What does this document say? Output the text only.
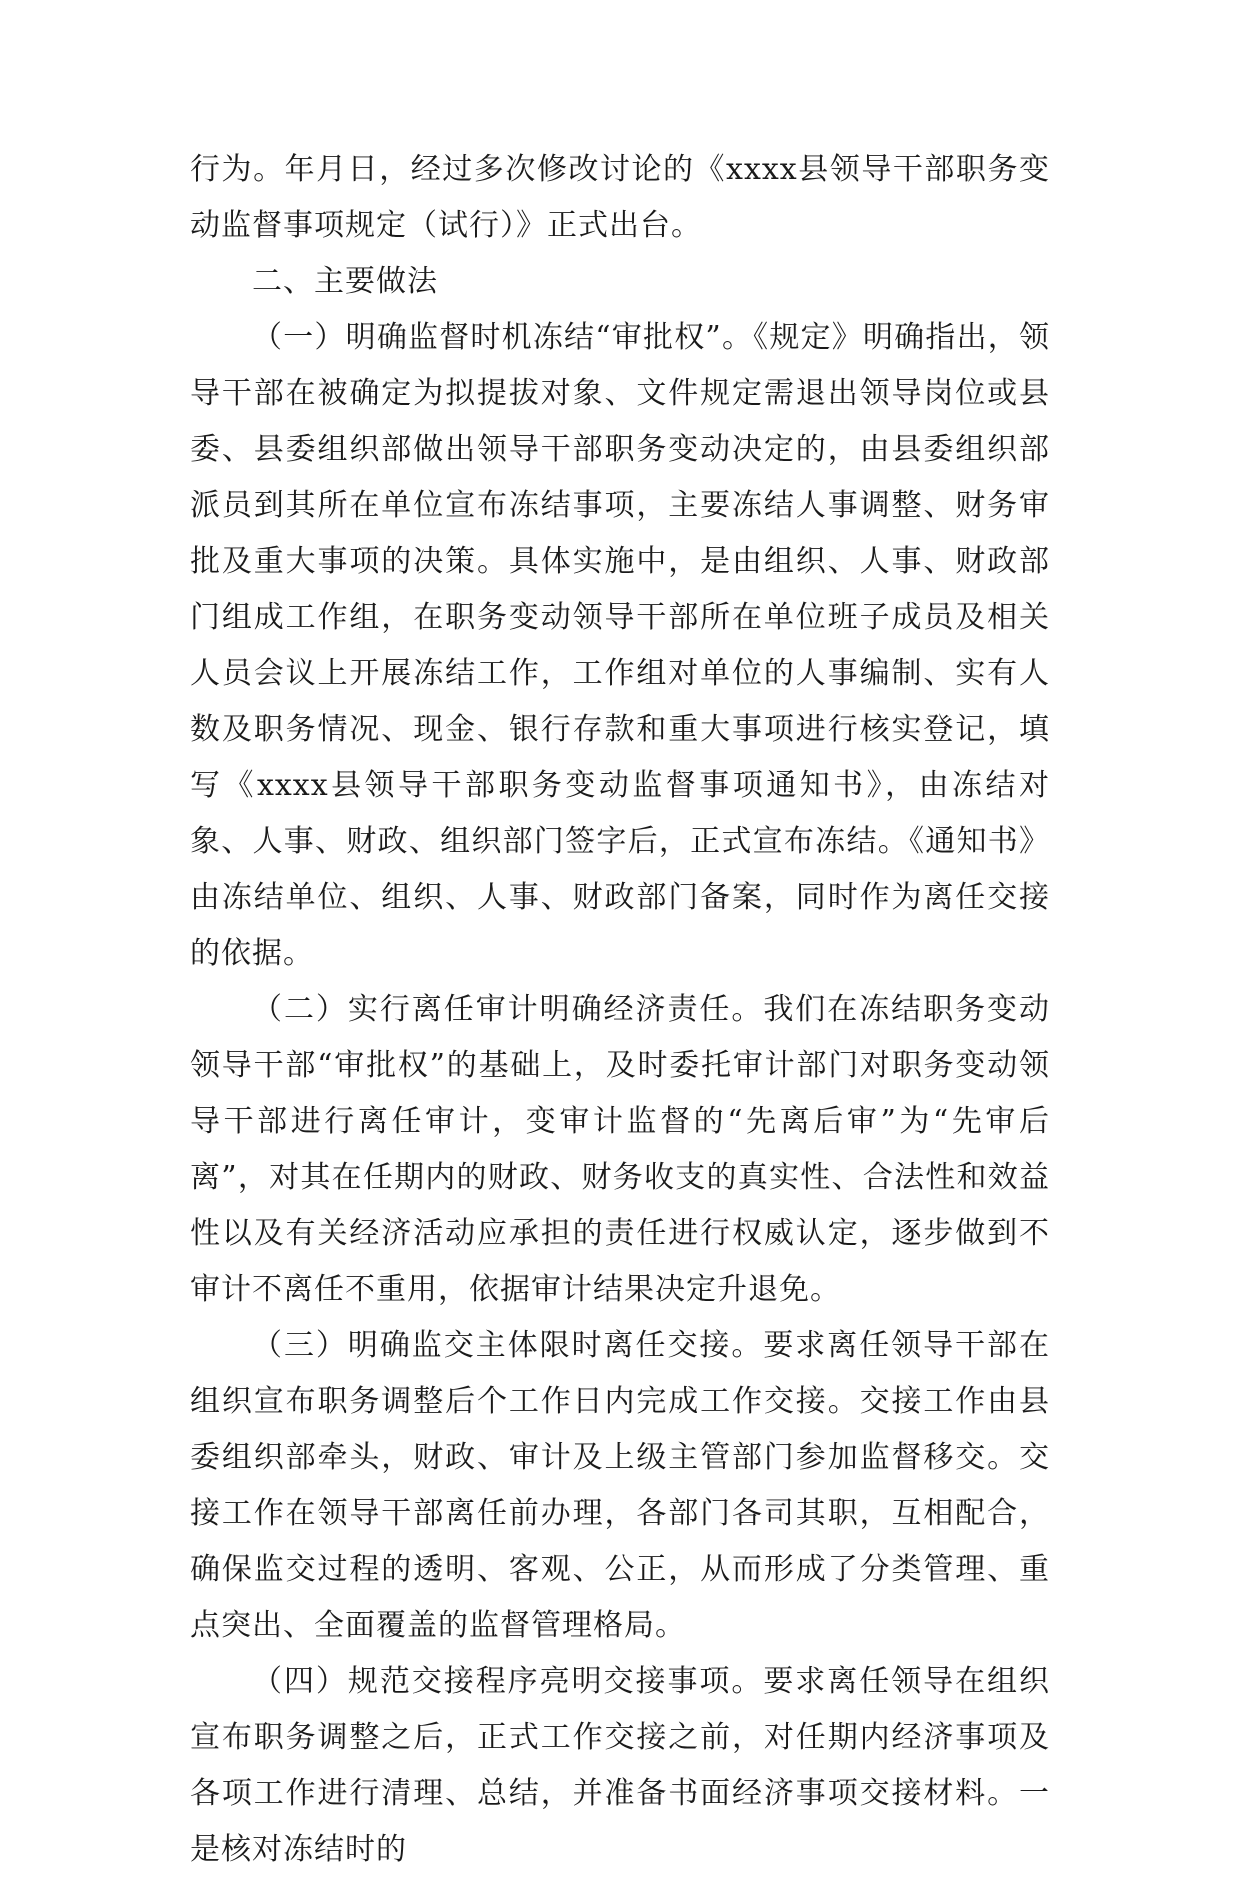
行为。年月日，经过多次修改讨论的《xxxx县领导干部职务变动监督事项规定（试行）》正式出台。

二、主要做法

（一）明确监督时机冻结“审批权”。《规定》明确指出，领导干部在被确定为拟提拔对象、文件规定需退出领导岗位或县委、县委组织部做出领导干部职务变动决定的，由县委组织部派员到其所在单位宣布冻结事项，主要冻结人事调整、财务审批及重大事项的决策。具体实施中，是由组织、人事、财政部门组成工作组，在职务变动领导干部所在单位班子成员及相关人员会议上开展冻结工作，工作组对单位的人事编制、实有人数及职务情况、现金、银行存款和重大事项进行核实登记，填写《xxxx县领导干部职务变动监督事项通知书》，由冻结对象、人事、财政、组织部门签字后，正式宣布冻结。《通知书》由冻结单位、组织、人事、财政部门备案，同时作为离任交接的依据。

（二）实行离任审计明确经济责任。我们在冻结职务变动领导干部“审批权”的基础上，及时委托审计部门对职务变动领导干部进行离任审计，变审计监督的“先离后审”为“先审后离”，对其在任期内的财政、财务收支的真实性、合法性和效益性以及有关经济活动应承担的责任进行权威认定，逐步做到不审计不离任不重用，依据审计结果决定升退免。

（三）明确监交主体限时离任交接。要求离任领导干部在组织宣布职务调整后个工作日内完成工作交接。交接工作由县委组织部牵头，财政、审计及上级主管部门参加监督移交。交接工作在领导干部离任前办理，各部门各司其职，互相配合，确保监交过程的透明、客观、公正，从而形成了分类管理、重点突出、全面覆盖的监督管理格局。

（四）规范交接程序亮明交接事项。要求离任领导在组织宣布职务调整之后，正式工作交接之前，对任期内经济事项及各项工作进行清理、总结，并准备书面经济事项交接材料。一是核对冻结时的
